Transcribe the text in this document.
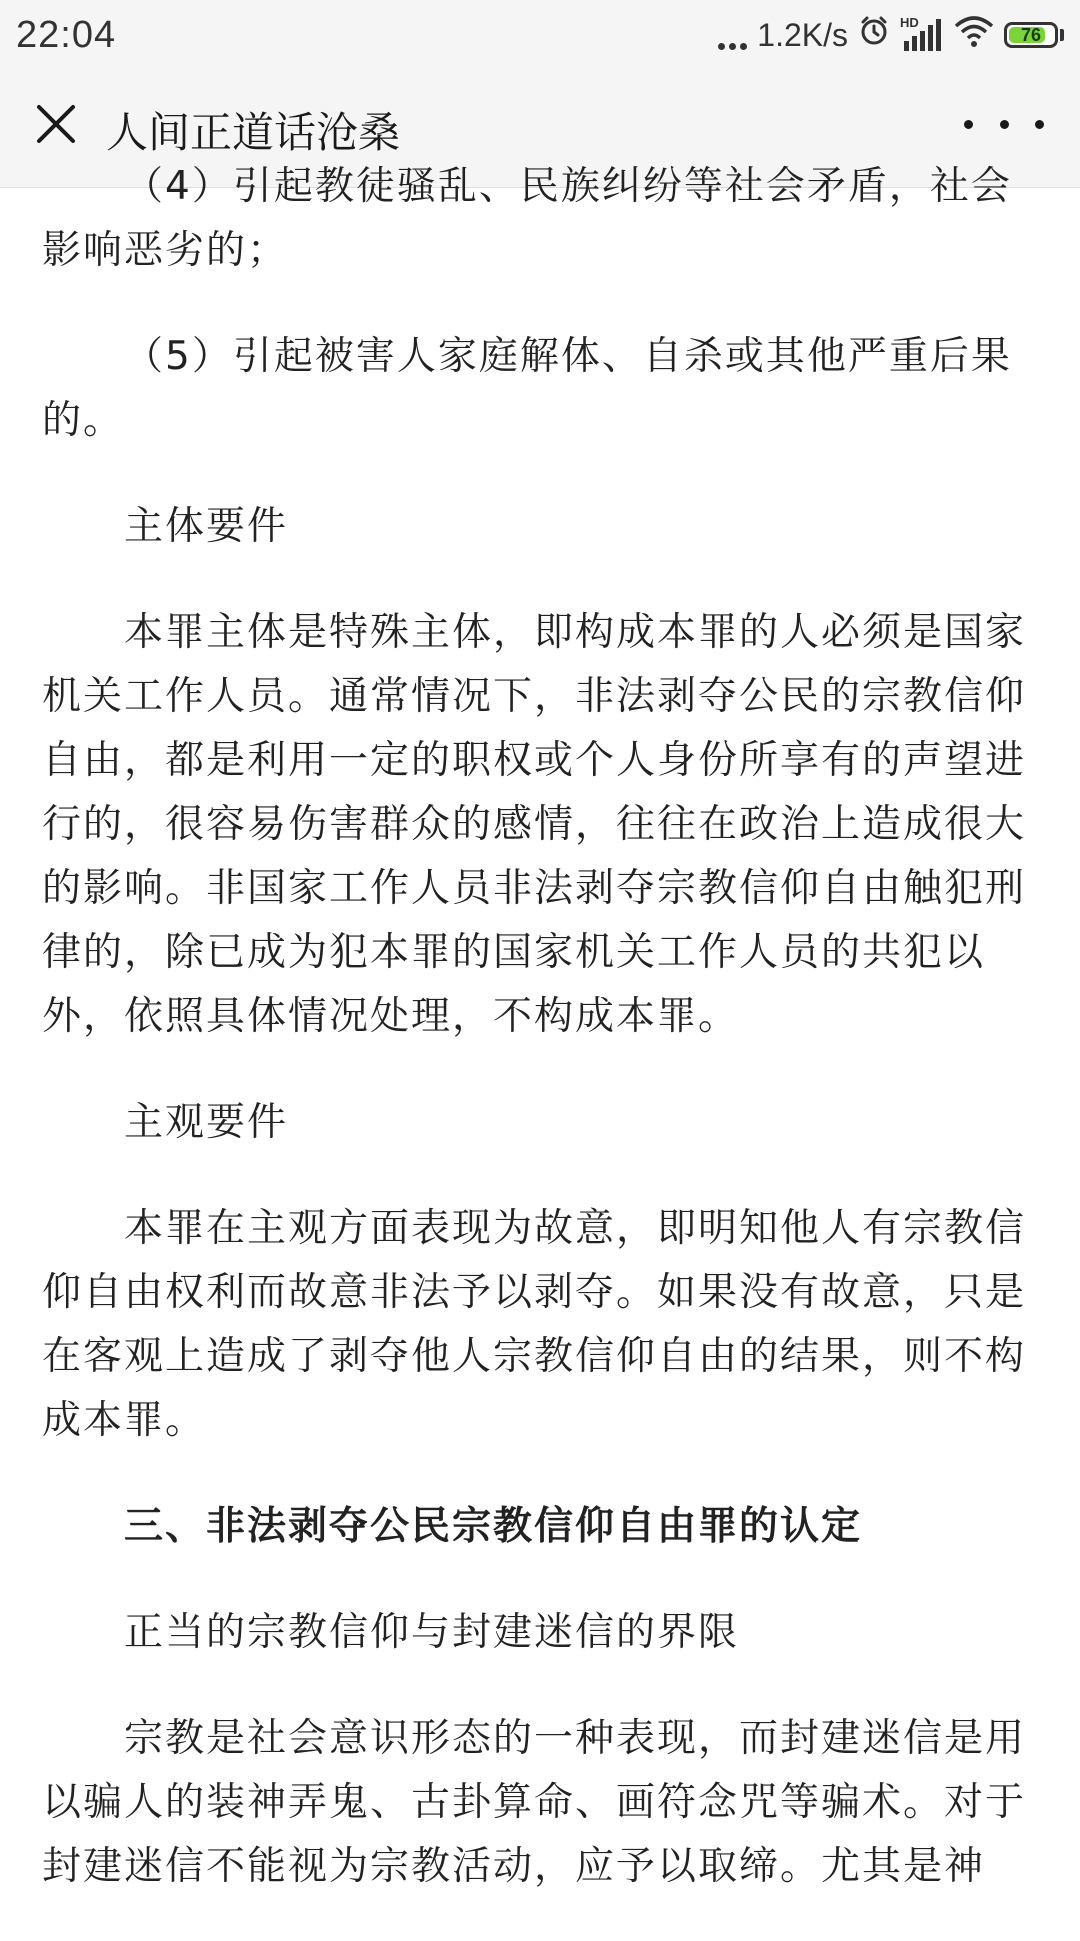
22:04	1.2K/s	HD
76
人间正道话沧桑

（4）引起教徒骚乱、民族纠纷等社会矛盾，社会影响恶劣的；

（5）引起被害人家庭解体、自杀或其他严重后果的。

主体要件

本罪主体是特殊主体，即构成本罪的人必须是国家机关工作人员。通常情况下，非法剥夺公民的宗教信仰自由，都是利用一定的职权或个人身份所享有的声望进行的，很容易伤害群众的感情，往往在政治上造成很大的影响。非国家工作人员非法剥夺宗教信仰自由触犯刑律的，除已成为犯本罪的国家机关工作人员的共犯以外，依照具体情况处理，不构成本罪。

主观要件

本罪在主观方面表现为故意，即明知他人有宗教信仰自由权利而故意非法予以剥夺。如果没有故意，只是在客观上造成了剥夺他人宗教信仰自由的结果，则不构成本罪。

三、非法剥夺公民宗教信仰自由罪的认定

正当的宗教信仰与封建迷信的界限

宗教是社会意识形态的一种表现，而封建迷信是用以骗人的装神弄鬼、古卦算命、画符念咒等骗术。对于封建迷信不能视为宗教活动，应予以取缔。尤其是神
